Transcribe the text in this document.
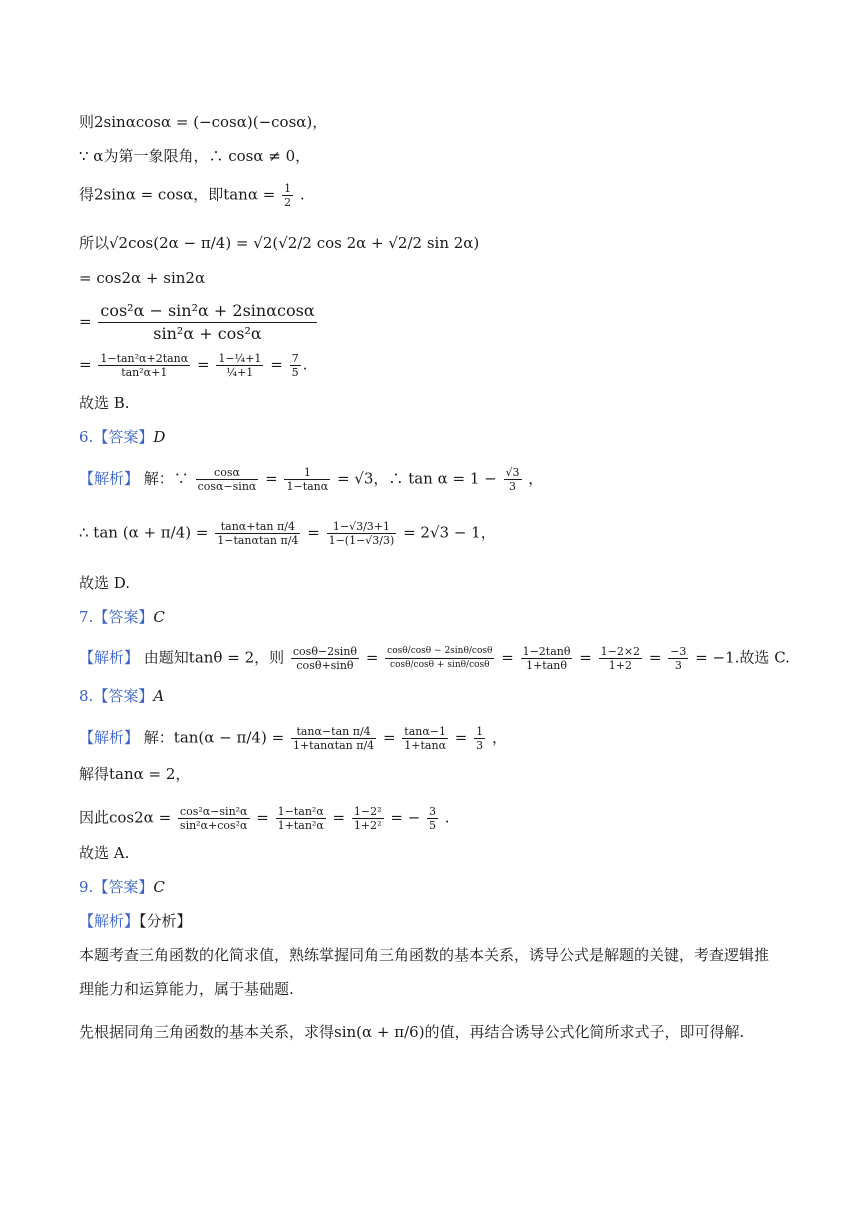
则2sinαcosα = (−cosα)(−cosα)，
∵ α为第一象限角，∴ cosα ≠ 0，
得2sinα = cosα，即$\tan\alpha = \frac{1}{2}$ .
所以√2cos(2α − π/4) = √2(√2/2 cos 2α + √2/2 sin 2α)
= cos2α + sin2α
= $\frac{\text{cos²α − sin²α + 2sinαcosα}}{\text{sin²α + cos²α}}$
= $\frac{\text{1−tan²α+2tanα}}{\text{tan²α+1}} = \frac{\text{1−¼+1}}{\text{¼+1}} = \frac{7}{5}$ .
故选 B.
6.【答案】D
【解析】 解：∵ $\frac{\cos\alpha}{\cos\alpha-\sin\alpha} = \frac{1}{1-\tan\alpha} = √3$，∴ $\tan \alpha = 1 - \frac{√3}{3}$ ，
∴ $\tan (\alpha + \pi/4) = \frac{\text{tanα+tan π/4}}{\text{1−tanαtan π/4}} = \frac{1-√3/3+1}{1-(1-√3/3)} = 2√3 - 1$，
故选 D.
7.【答案】C
【解析】 由题知tanθ = 2，则 $\frac{\cos\theta-2\sin\theta}{\cos\theta+\sin\theta} = \frac{\cos\theta/\cos\theta - 2\sin\theta/\cos\theta}{\cos\theta/\cos\theta + \sin\theta/\cos\theta} = \frac{1-2\tan\theta}{1+\tan\theta} = \frac{1-2\times 2}{1+2} = \frac{-3}{3} = -1$.故选 C.
8.【答案】A
【解析】 解：$\tan(\alpha - \pi/4) = \frac{\text{tanα−tan π/4}}{\text{1+tanαtan π/4}} = \frac{\tan\alpha-1}{1+\tan\alpha} = \frac{1}{3}$ ，
解得tanα = 2，
因此$\cos 2\alpha = \frac{\text{cos²α−sin²α}}{\text{sin²α+cos²α}} = \frac{\text{1−tan²α}}{\text{1+tan²α}} = \frac{\text{1−2²}}{\text{1+2²}}$ = − $\frac{3}{5}$ .
故选 A.
9.【答案】C
【解析】【分析】
本题考查三角函数的化简求值，熟练掌握同角三角函数的基本关系，诱导公式是解题的关键，考查逻辑推理能力和运算能力，属于基础题.
先根据同角三角函数的基本关系，求得sin(α + π/6)的值，再结合诱导公式化简所求式子，即可得解.
